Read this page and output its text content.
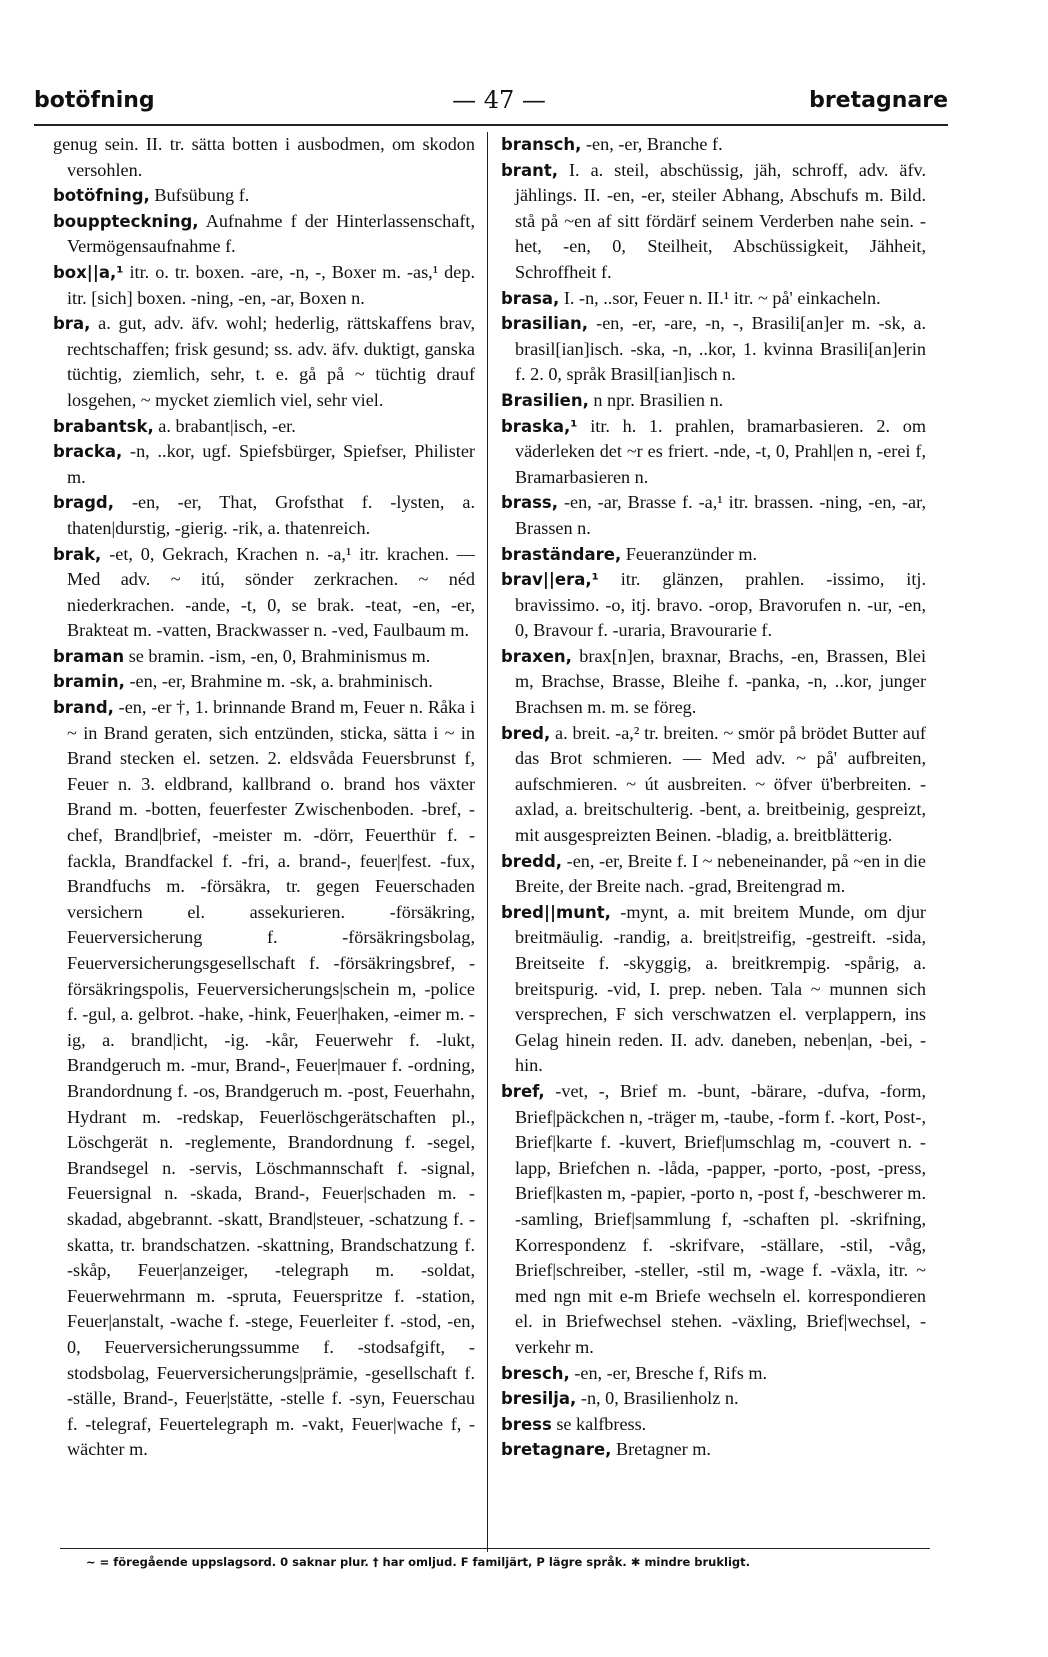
botöfning	— 47 —	bretagnare

genug sein. II. tr. sätta botten i ausbodmen, om skodon versohlen.

botöfning, Bufsübung f.

bouppteckning, Aufnahme f der Hinterlassenschaft, Vermögensaufnahme f.

box||a,¹ itr. o. tr. boxen. -are, -n, -, Boxer m. -as,¹ dep. itr. [sich] boxen. -ning, -en, -ar, Boxen n.

bra, a. gut, adv. äfv. wohl; hederlig, rättskaffens brav, rechtschaffen; frisk gesund; ss. adv. äfv. duktigt, ganska tüchtig, ziemlich, sehr, t. e. gå på ~ tüchtig drauf losgehen, ~ mycket ziemlich viel, sehr viel.

brabantsk, a. brabant|isch, -er.

bracka, -n, ..kor, ugf. Spiefsbürger, Spiefser, Philister m.

bragd, -en, -er, That, Grofsthat f. -lysten, a. thaten|durstig, -gierig. -rik, a. thatenreich.

brak, -et, 0, Gekrach, Krachen n. -a,¹ itr. krachen. — Med adv. ~ itú, sönder zerkrachen. ~ néd niederkrachen. -ande, -t, 0, se brak. -teat, -en, -er, Brakteat m. -vatten, Brackwasser n. -ved, Faulbaum m.

braman se bramin. -ism, -en, 0, Brahminismus m.

bramin, -en, -er, Brahmine m. -sk, a. brahminisch.

brand, -en, -er †, 1. brinnande Brand m, Feuer n. Råka i ~ in Brand geraten, sich entzünden, sticka, sätta i ~ in Brand stecken el. setzen. 2. eldsvåda Feuersbrunst f, Feuer n. 3. eldbrand, kallbrand o. brand hos växter Brand m. -botten, feuerfester Zwischenboden. -bref, -chef, Brand|brief, -meister m. -dörr, Feuerthür f. -fackla, Brandfackel f. -fri, a. brand-, feuer|fest. -fux, Brandfuchs m. -försäkra, tr. gegen Feuerschaden versichern el. assekurieren. -försäkring, Feuerversicherung f. -försäkringsbolag, Feuerversicherungsgesellschaft f. -försäkringsbref, -försäkringspolis, Feuerversicherungs|schein m, -police f. -gul, a. gelbrot. -hake, -hink, Feuer|haken, -eimer m. -ig, a. brand|icht, -ig. -kår, Feuerwehr f. -lukt, Brandgeruch m. -mur, Brand-, Feuer|mauer f. -ordning, Brandordnung f. -os, Brandgeruch m. -post, Feuerhahn, Hydrant m. -redskap, Feuerlöschgerätschaften pl., Löschgerät n. -reglemente, Brandordnung f. -segel, Brandsegel n. -servis, Löschmannschaft f. -signal, Feuersignal n. -skada, Brand-, Feuer|schaden m. -skadad, abgebrannt. -skatt, Brand|steuer, -schatzung f. -skatta, tr. brandschatzen. -skattning, Brandschatzung f. -skåp, Feuer|anzeiger, -telegraph m. -soldat, Feuerwehrmann m. -spruta, Feuerspritze f. -station, Feuer|anstalt, -wache f. -stege, Feuerleiter f. -stod, -en, 0, Feuerversicherungssumme f. -stodsafgift, -stodsbolag, Feuerversicherungs|prämie, -gesellschaft f. -ställe, Brand-, Feuer|stätte, -stelle f. -syn, Feuerschau f. -telegraf, Feuertelegraph m. -vakt, Feuer|wache f, -wächter m.

bransch, -en, -er, Branche f.

brant, I. a. steil, abschüssig, jäh, schroff, adv. äfv. jählings. II. -en, -er, steiler Abhang, Abschufs m. Bild. stå på ~en af sitt fördärf seinem Verderben nahe sein. -het, -en, 0, Steilheit, Abschüssigkeit, Jähheit, Schroffheit f.

brasa, I. -n, ..sor, Feuer n. II.¹ itr. ~ på' einkacheln.

brasilian, -en, -er, -are, -n, -, Brasili[an]er m. -sk, a. brasil[ian]isch. -ska, -n, ..kor, 1. kvinna Brasili[an]erin f. 2. 0, språk Brasil[ian]isch n.

Brasilien, n npr. Brasilien n.

braska,¹ itr. h. 1. prahlen, bramarbasieren. 2. om väderleken det ~r es friert. -nde, -t, 0, Prahl|en n, -erei f, Bramarbasieren n.

brass, -en, -ar, Brasse f. -a,¹ itr. brassen. -ning, -en, -ar, Brassen n.

braständare, Feueranzünder m.

brav||era,¹ itr. glänzen, prahlen. -issimo, itj. bravissimo. -o, itj. bravo. -orop, Bravorufen n. -ur, -en, 0, Bravour f. -uraria, Bravourarie f.

braxen, brax[n]en, braxnar, Brachs, -en, Brassen, Blei m, Brachse, Brasse, Bleihe f. -panka, -n, ..kor, junger Brachsen m. m. se föreg.

bred, a. breit. -a,² tr. breiten. ~ smör på brödet Butter auf das Brot schmieren. — Med adv. ~ på' aufbreiten, aufschmieren. ~ út ausbreiten. ~ öfver ü'berbreiten. -axlad, a. breitschulterig. -bent, a. breitbeinig, gespreizt, mit ausgespreizten Beinen. -bladig, a. breitblätterig.

bredd, -en, -er, Breite f. I ~ nebeneinander, på ~en in die Breite, der Breite nach. -grad, Breitengrad m.

bred||munt, -mynt, a. mit breitem Munde, om djur breitmäulig. -randig, a. breit|streifig, -gestreift. -sida, Breitseite f. -skyggig, a. breitkrempig. -spårig, a. breitspurig. -vid, I. prep. neben. Tala ~ munnen sich versprechen, F sich verschwatzen el. verplappern, ins Gelag hinein reden. II. adv. daneben, neben|an, -bei, -hin.

bref, -vet, -, Brief m. -bunt, -bärare, -dufva, -form, Brief|päckchen n, -träger m, -taube, -form f. -kort, Post-, Brief|karte f. -kuvert, Brief|umschlag m, -couvert n. -lapp, Briefchen n. -låda, -papper, -porto, -post, -press, Brief|kasten m, -papier, -porto n, -post f, -beschwerer m. -samling, Brief|sammlung f, -schaften pl. -skrifning, Korrespondenz f. -skrifvare, -ställare, -stil, -våg, Brief|schreiber, -steller, -stil m, -wage f. -växla, itr. ~ med ngn mit e-m Briefe wechseln el. korrespondieren el. in Briefwechsel stehen. -växling, Brief|wechsel, -verkehr m.

bresch, -en, -er, Bresche f, Rifs m.

bresilja, -n, 0, Brasilienholz n.

bress se kalfbress.

bretagnare, Bretagner m.

~ = föregående uppslagsord. 0 saknar plur. † har omljud. F familjärt, P lägre språk. ✱ mindre brukligt.
